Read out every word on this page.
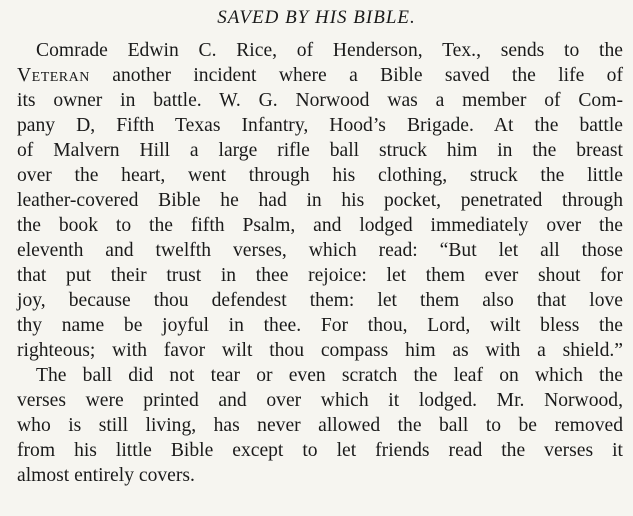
SAVED BY HIS BIBLE.
Comrade Edwin C. Rice, of Henderson, Tex., sends to the
Veteran another incident where a Bible saved the life of
its owner in battle. W. G. Norwood was a member of Com-
pany D, Fifth Texas Infantry, Hood’s Brigade. At the battle
of Malvern Hill a large rifle ball struck him in the breast
over the heart, went through his clothing, struck the little
leather-covered Bible he had in his pocket, penetrated through
the book to the fifth Psalm, and lodged immediately over the
eleventh and twelfth verses, which read: “But let all those
that put their trust in thee rejoice: let them ever shout for
joy, because thou defendest them: let them also that love
thy name be joyful in thee. For thou, Lord, wilt bless the
righteous; with favor wilt thou compass him as with a shield.”
The ball did not tear or even scratch the leaf on which the
verses were printed and over which it lodged. Mr. Norwood,
who is still living, has never allowed the ball to be removed
from his little Bible except to let friends read the verses it
almost entirely covers.
